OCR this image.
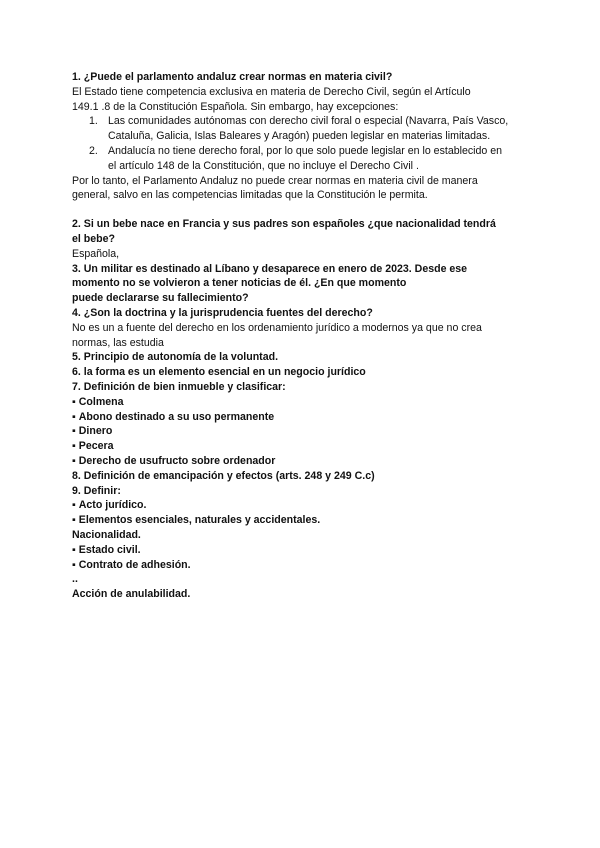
1. ¿Puede el parlamento andaluz crear normas en materia civil?
El Estado tiene competencia exclusiva en materia de Derecho Civil, según el Artículo
149.1 .8 de la Constitución Española. Sin embargo, hay excepciones:
1. Las comunidades autónomas con derecho civil foral o especial (Navarra, País Vasco,
Cataluña, Galicia, Islas Baleares y Aragón) pueden legislar en materias limitadas.
2. Andalucía no tiene derecho foral, por lo que solo puede legislar en lo establecido en
el artículo 148 de la Constitución, que no incluye el Derecho Civil .
Por lo tanto, el Parlamento Andaluz no puede crear normas en materia civil de manera
general, salvo en las competencias limitadas que la Constitución le permita.
2. Si un bebe nace en Francia y sus padres son españoles ¿que nacionalidad tendrá
el bebe?
Española,
3. Un militar es destinado al Líbano y desaparece en enero de 2023. Desde ese
momento no se volvieron a tener noticias de él. ¿En que momento
puede declararse su fallecimiento?
4. ¿Son la doctrina y la jurisprudencia fuentes del derecho?
No es un a fuente del derecho en los ordenamiento jurídico a modernos ya que no crea
normas, las estudia
5. Principio de autonomía de la voluntad.
6. la forma es un elemento esencial en un negocio jurídico
7. Definición de bien inmueble y clasificar:
▪ Colmena
▪ Abono destinado a su uso permanente
▪ Dinero
▪ Pecera
▪ Derecho de usufructo sobre ordenador
8. Definición de emancipación y efectos (arts. 248 y 249 C.c)
9. Definir:
▪ Acto jurídico.
▪ Elementos esenciales, naturales y accidentales.
Nacionalidad.
▪ Estado civil.
▪ Contrato de adhesión.
..
Acción de anulabilidad.
